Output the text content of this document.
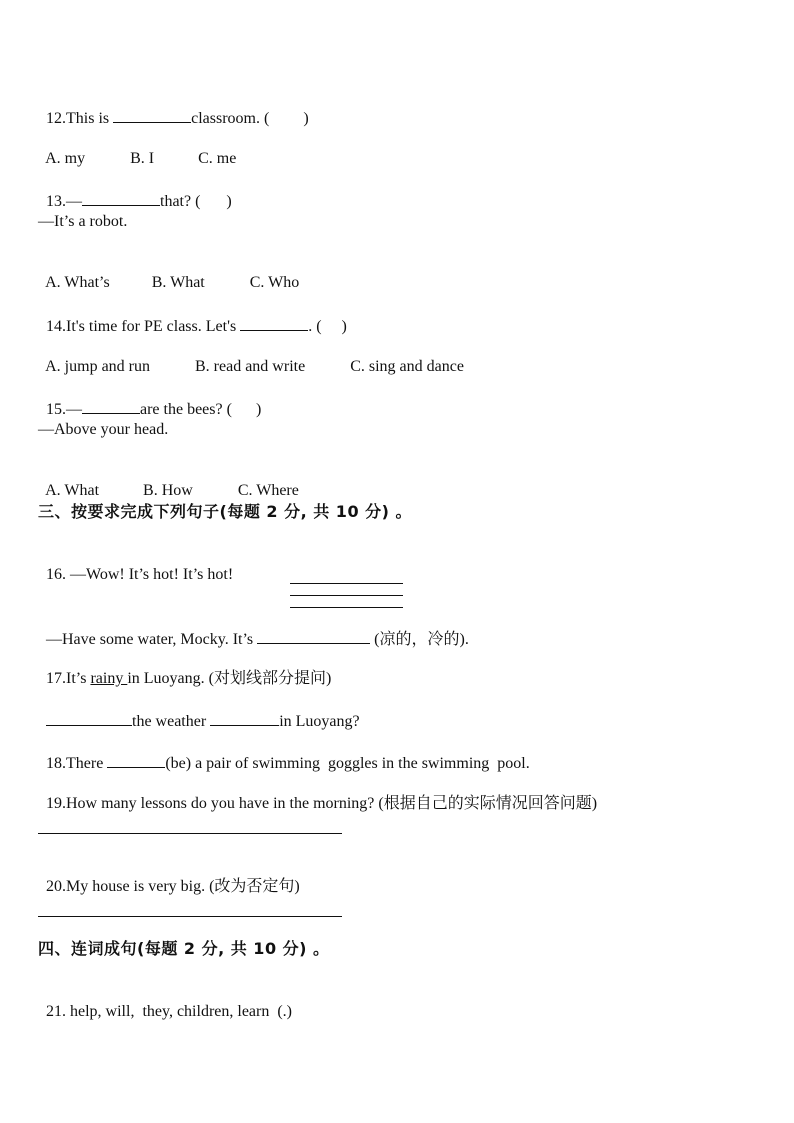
12.This is	classroom. ( )

A. my	B. I	C. me

13.—	that? ( )

—It’s a robot.

A. What’s	B. What	C. Who

14.It's time for PE class. Let's	. ( )

A. jump and run	B. read and write	C. sing and dance

15.—	are the bees? ( )

—Above your head.

A. What	B. How	C. Where

三、按要求完成下列句子(每题 2 分, 共 10 分) 。

16. —Wow! It’s hot! It’s hot!

—Have some water, Mocky. It’s	(凉的，冷的).

17.It’s rainy in Luoyang. (对划线部分提问)

the weather	in Luoyang?

18.There	(be) a pair of swimming  goggles in the swimming  pool.

19.How many lessons do you have in the morning? (根据自己的实际情况回答问题)

20.My house is very big. (改为否定句)

四、连词成句(每题 2 分, 共 10 分) 。

21. help, will,  they, children, learn  (.)
